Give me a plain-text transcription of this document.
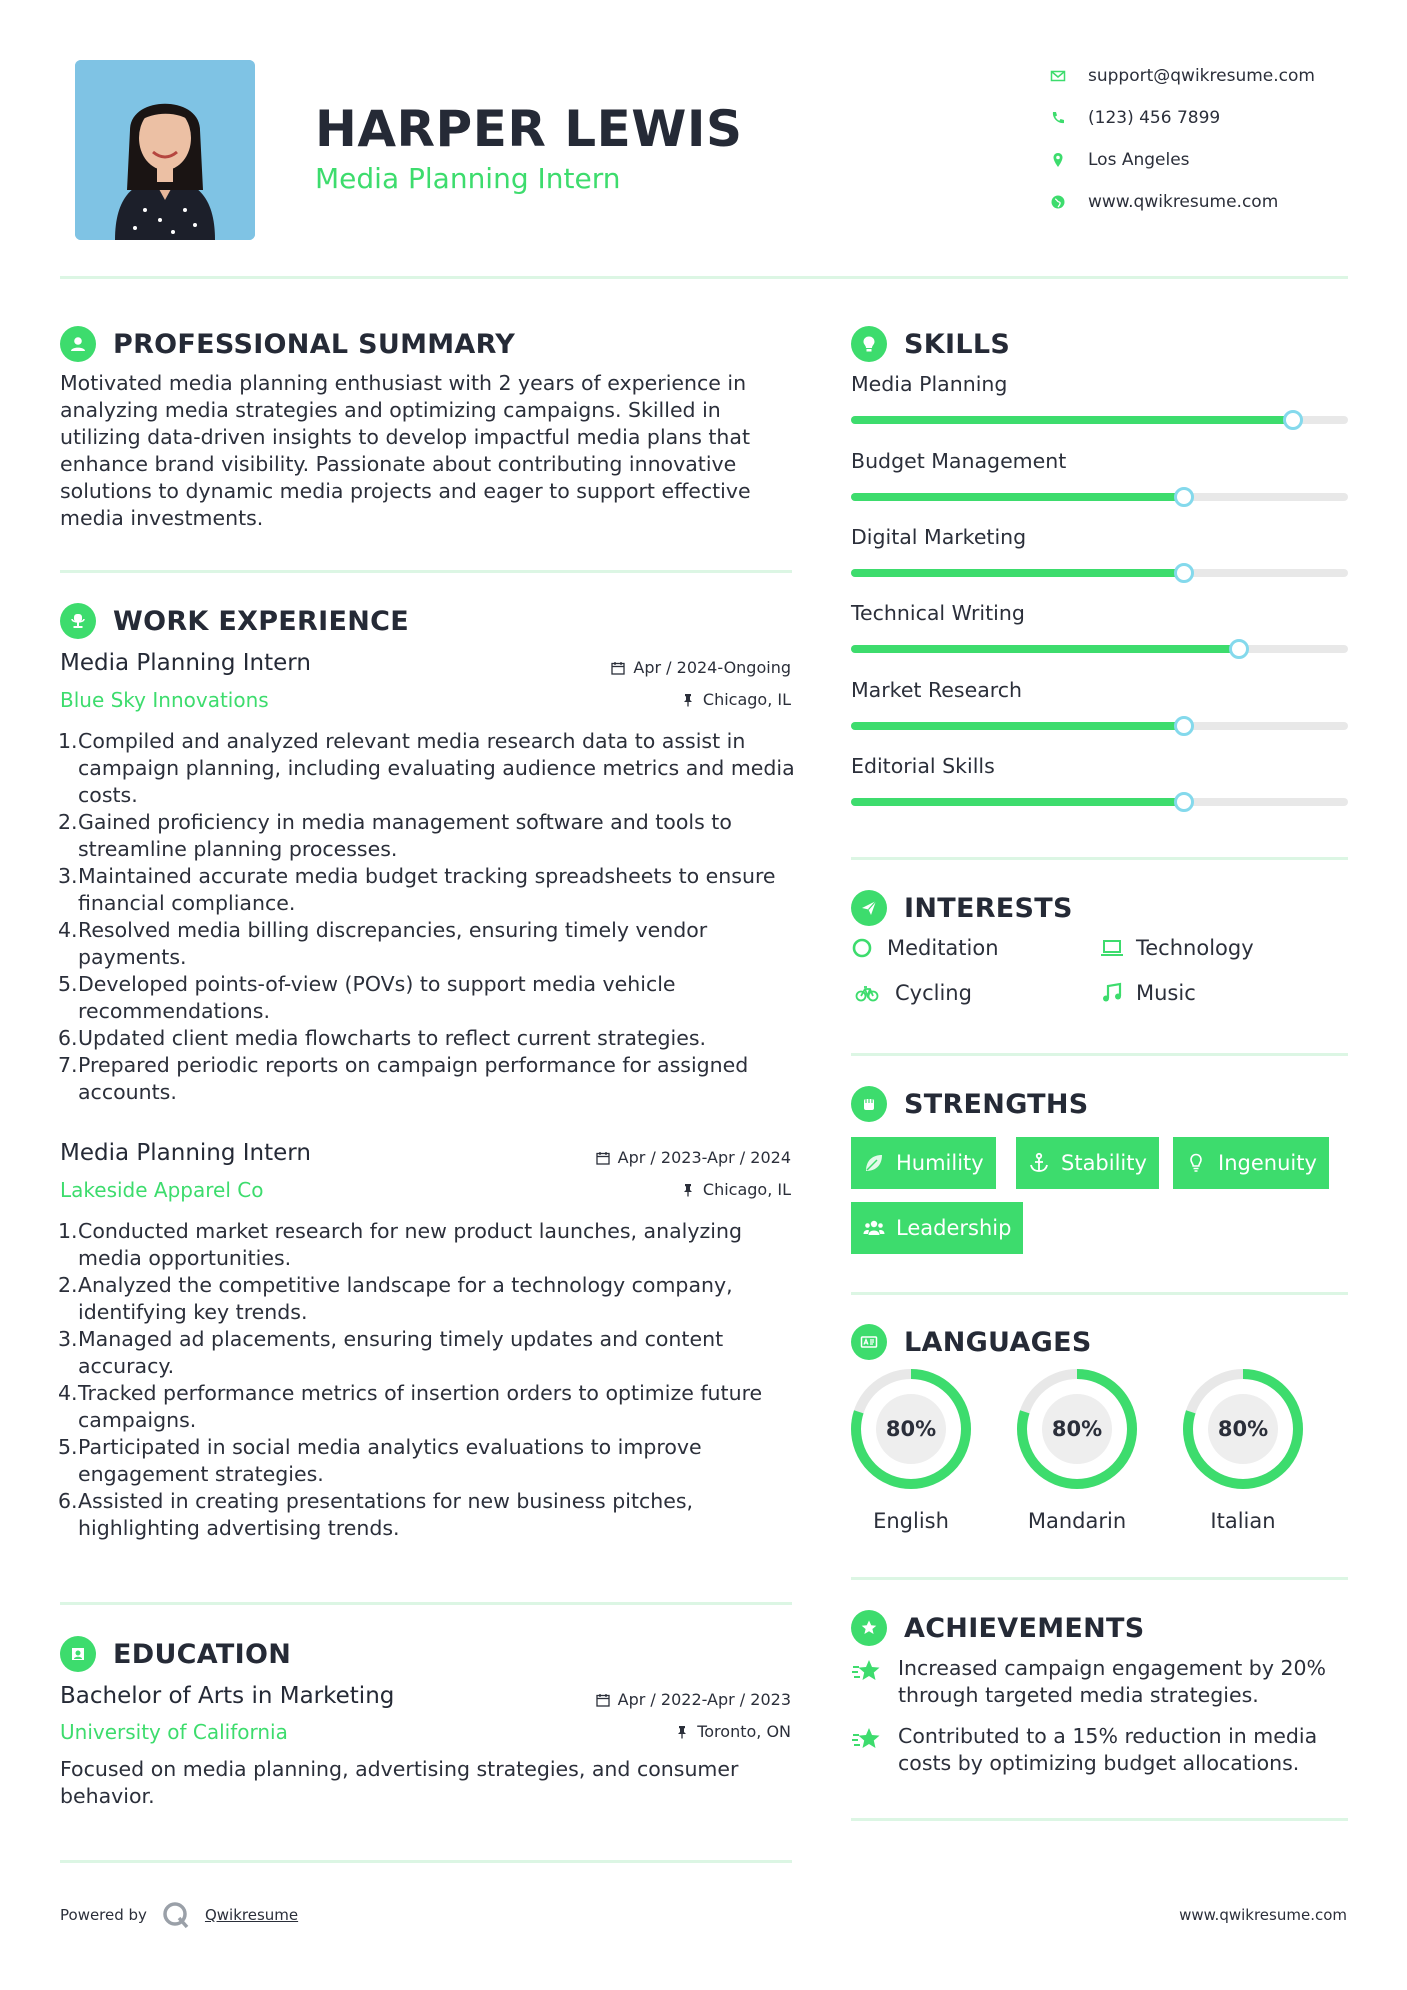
HARPER LEWIS
Media Planning Intern
support@qwikresume.com
(123) 456 7899
Los Angeles
www.qwikresume.com
PROFESSIONAL SUMMARY
Motivated media planning enthusiast with 2 years of experience in analyzing media strategies and optimizing campaigns. Skilled in utilizing data-driven insights to develop impactful media plans that enhance brand visibility. Passionate about contributing innovative solutions to dynamic media projects and eager to support effective media investments.
WORK EXPERIENCE
Media Planning Intern	Apr / 2024-Ongoing
Blue Sky Innovations	Chicago, IL
1. Compiled and analyzed relevant media research data to assist in campaign planning, including evaluating audience metrics and media costs.
2. Gained proficiency in media management software and tools to streamline planning processes.
3. Maintained accurate media budget tracking spreadsheets to ensure financial compliance.
4. Resolved media billing discrepancies, ensuring timely vendor payments.
5. Developed points-of-view (POVs) to support media vehicle recommendations.
6. Updated client media flowcharts to reflect current strategies.
7. Prepared periodic reports on campaign performance for assigned accounts.
Media Planning Intern	Apr / 2023-Apr / 2024
Lakeside Apparel Co	Chicago, IL
1. Conducted market research for new product launches, analyzing media opportunities.
2. Analyzed the competitive landscape for a technology company, identifying key trends.
3. Managed ad placements, ensuring timely updates and content accuracy.
4. Tracked performance metrics of insertion orders to optimize future campaigns.
5. Participated in social media analytics evaluations to improve engagement strategies.
6. Assisted in creating presentations for new business pitches, highlighting advertising trends.
EDUCATION
Bachelor of Arts in Marketing	Apr / 2022-Apr / 2023
University of California	Toronto, ON
Focused on media planning, advertising strategies, and consumer behavior.
SKILLS
Media Planning
Budget Management
Digital Marketing
Technical Writing
Market Research
Editorial Skills
INTERESTS
Meditation	Technology
Cycling	Music
STRENGTHS
Humility	Stability	Ingenuity
Leadership
LANGUAGES
80%
English
80%
Mandarin
80%
Italian
ACHIEVEMENTS
Increased campaign engagement by 20% through targeted media strategies.
Contributed to a 15% reduction in media costs by optimizing budget allocations.
Powered by	Qwikresume	www.qwikresume.com
